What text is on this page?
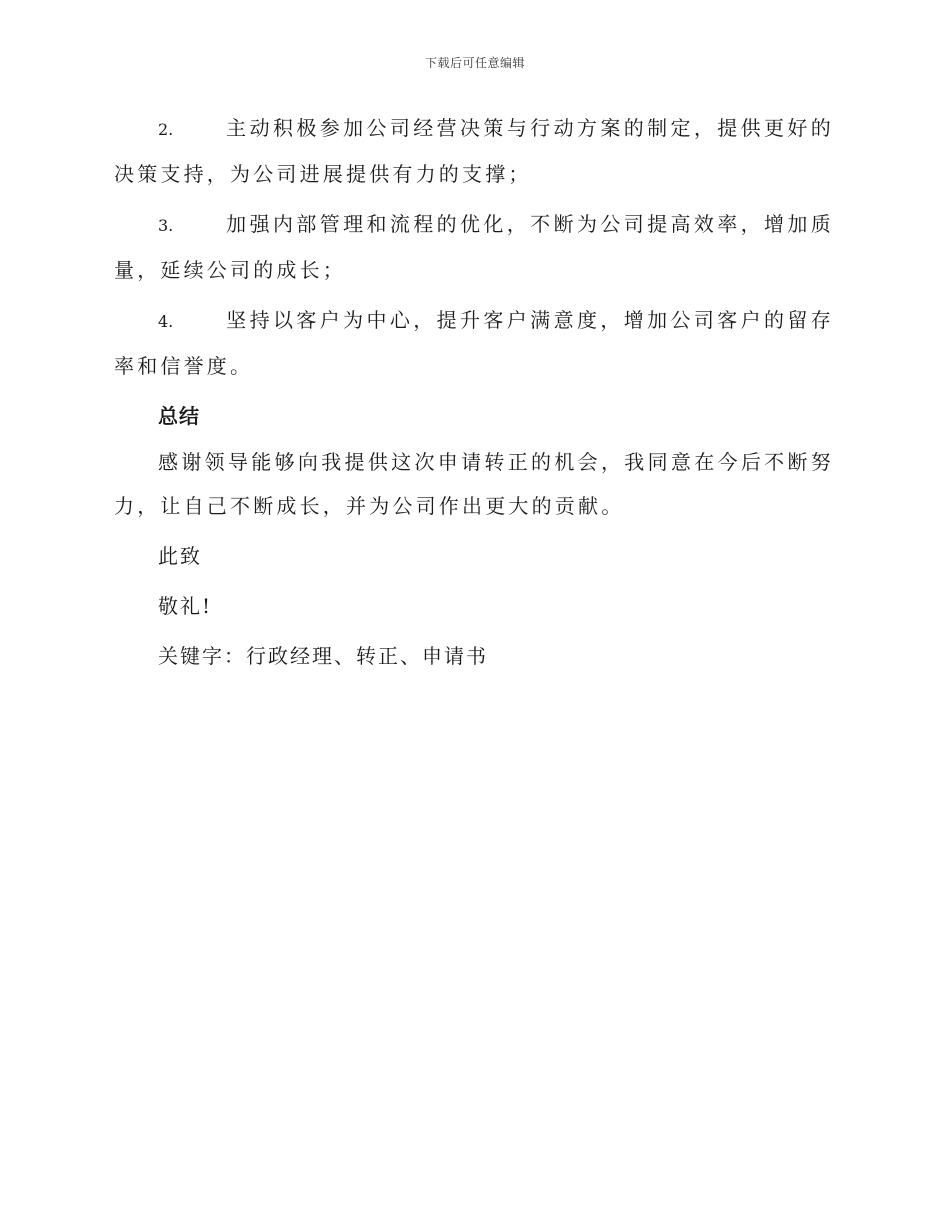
下载后可任意编辑

2.	主动积极参加公司经营决策与行动方案的制定，提供更好的决策支持，为公司进展提供有力的支撑；

3.	加强内部管理和流程的优化，不断为公司提高效率，增加质量，延续公司的成长；

4.	坚持以客户为中心，提升客户满意度，增加公司客户的留存率和信誉度。

总结

感谢领导能够向我提供这次申请转正的机会，我同意在今后不断努力，让自己不断成长，并为公司作出更大的贡献。

此致

敬礼!

关键字：行政经理、转正、申请书
